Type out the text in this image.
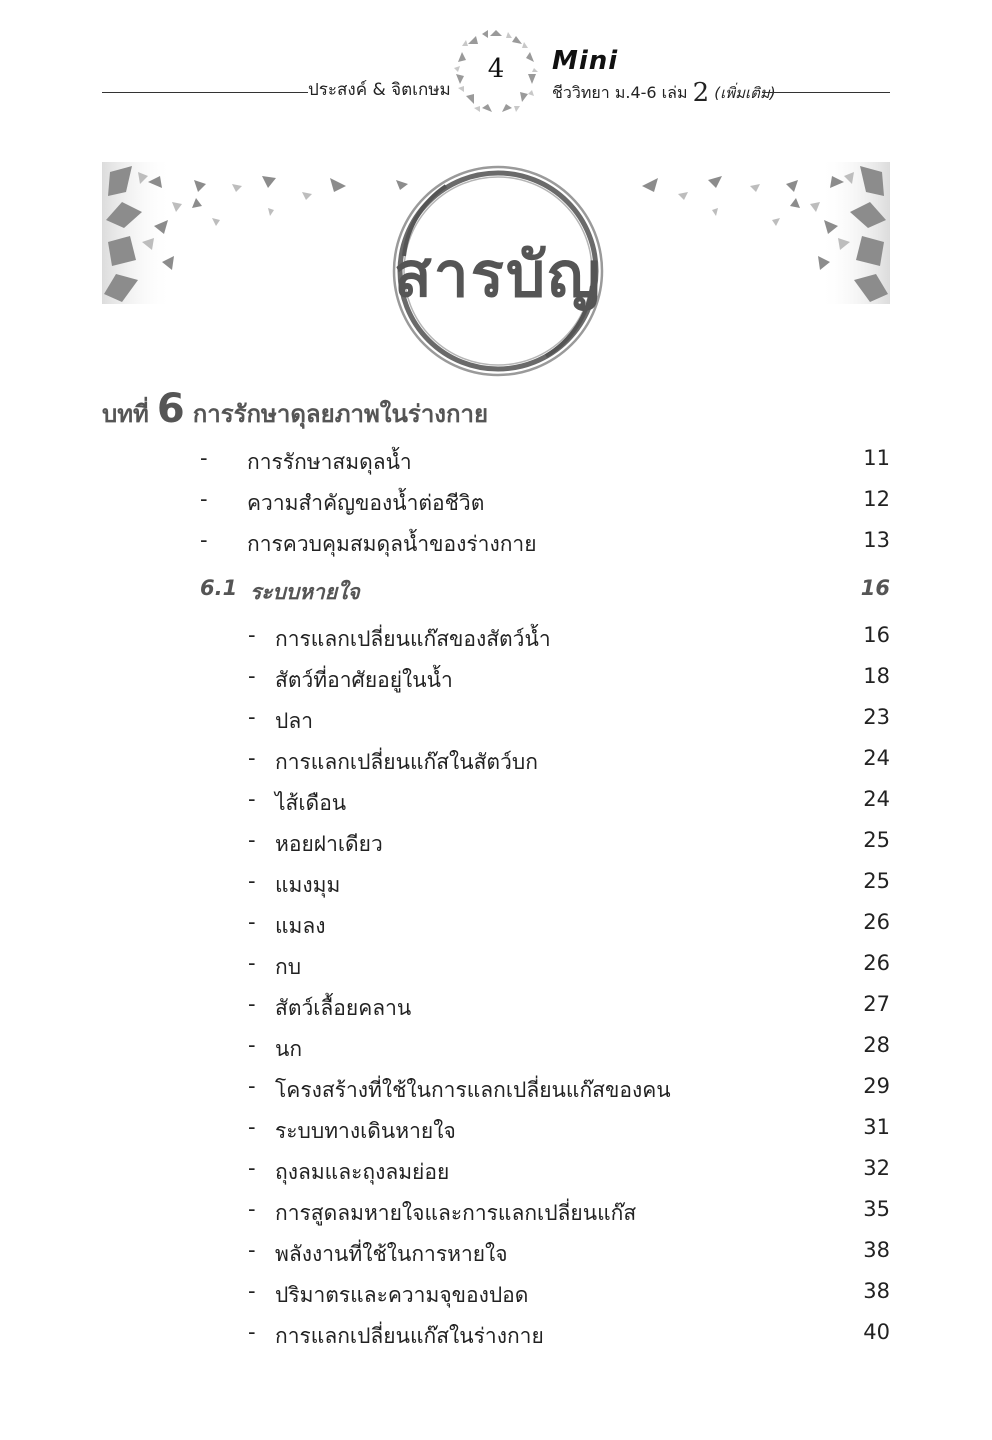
ประสงค์ & จิตเกษม
4	Mini
ชีววิทยา ม.4-6 เล่ม 2 (เพิ่มเติม)
สารบัญ
บทที่ 6 การรักษาดุลยภาพในร่างกาย
- การรักษาสมดุลน้ำ	11
- ความสำคัญของน้ำต่อชีวิต	12
- การควบคุมสมดุลน้ำของร่างกาย	13
6.1 ระบบหายใจ	16
- การแลกเปลี่ยนแก๊สของสัตว์น้ำ	16
- สัตว์ที่อาศัยอยู่ในน้ำ	18
- ปลา	23
- การแลกเปลี่ยนแก๊สในสัตว์บก	24
- ไส้เดือน	24
- หอยฝาเดียว	25
- แมงมุม	25
- แมลง	26
- กบ	26
- สัตว์เลื้อยคลาน	27
- นก	28
- โครงสร้างที่ใช้ในการแลกเปลี่ยนแก๊สของคน	29
- ระบบทางเดินหายใจ	31
- ถุงลมและถุงลมย่อย	32
- การสูดลมหายใจและการแลกเปลี่ยนแก๊ส	35
- พลังงานที่ใช้ในการหายใจ	38
- ปริมาตรและความจุของปอด	38
- การแลกเปลี่ยนแก๊สในร่างกาย	40
